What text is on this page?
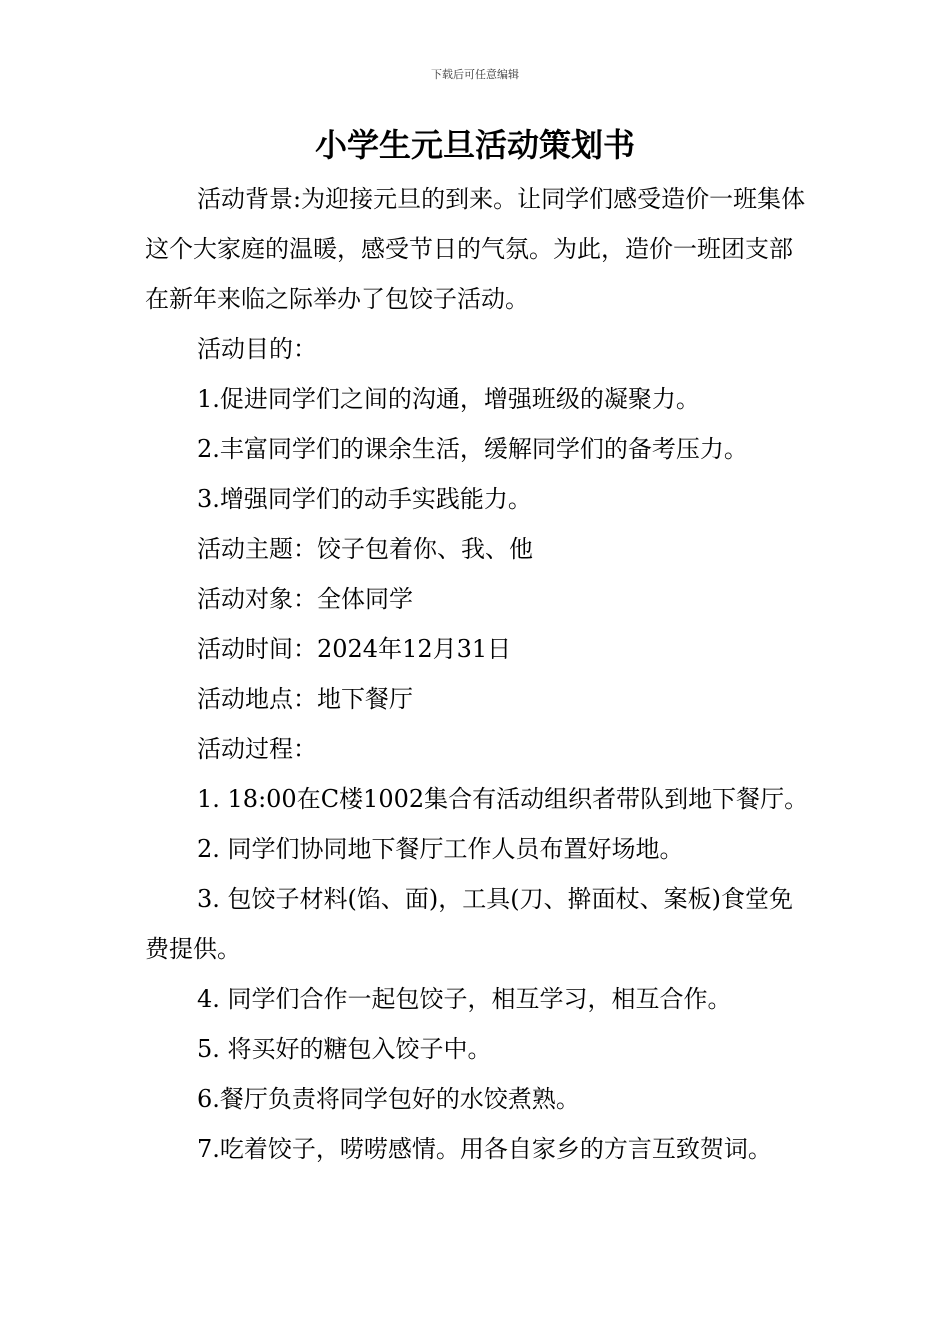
下载后可任意编辑
小学生元旦活动策划书

活动背景:为迎接元旦的到来。让同学们感受造价一班集体这个大家庭的温暖，感受节日的气氛。为此，造价一班团支部在新年来临之际举办了包饺子活动。

活动目的：

1.促进同学们之间的沟通，增强班级的凝聚力。

2.丰富同学们的课余生活，缓解同学们的备考压力。

3.增强同学们的动手实践能力。

活动主题：饺子包着你、我、他

活动对象：全体同学

活动时间：2024年12月31日

活动地点：地下餐厅

活动过程：

1. 18:00在C楼1002集合有活动组织者带队到地下餐厅。

2. 同学们协同地下餐厅工作人员布置好场地。

3. 包饺子材料(馅、面)，工具(刀、擀面杖、案板)食堂免费提供。

4. 同学们合作一起包饺子，相互学习，相互合作。

5. 将买好的糖包入饺子中。

6.餐厅负责将同学包好的水饺煮熟。

7.吃着饺子，唠唠感情。用各自家乡的方言互致贺词。
